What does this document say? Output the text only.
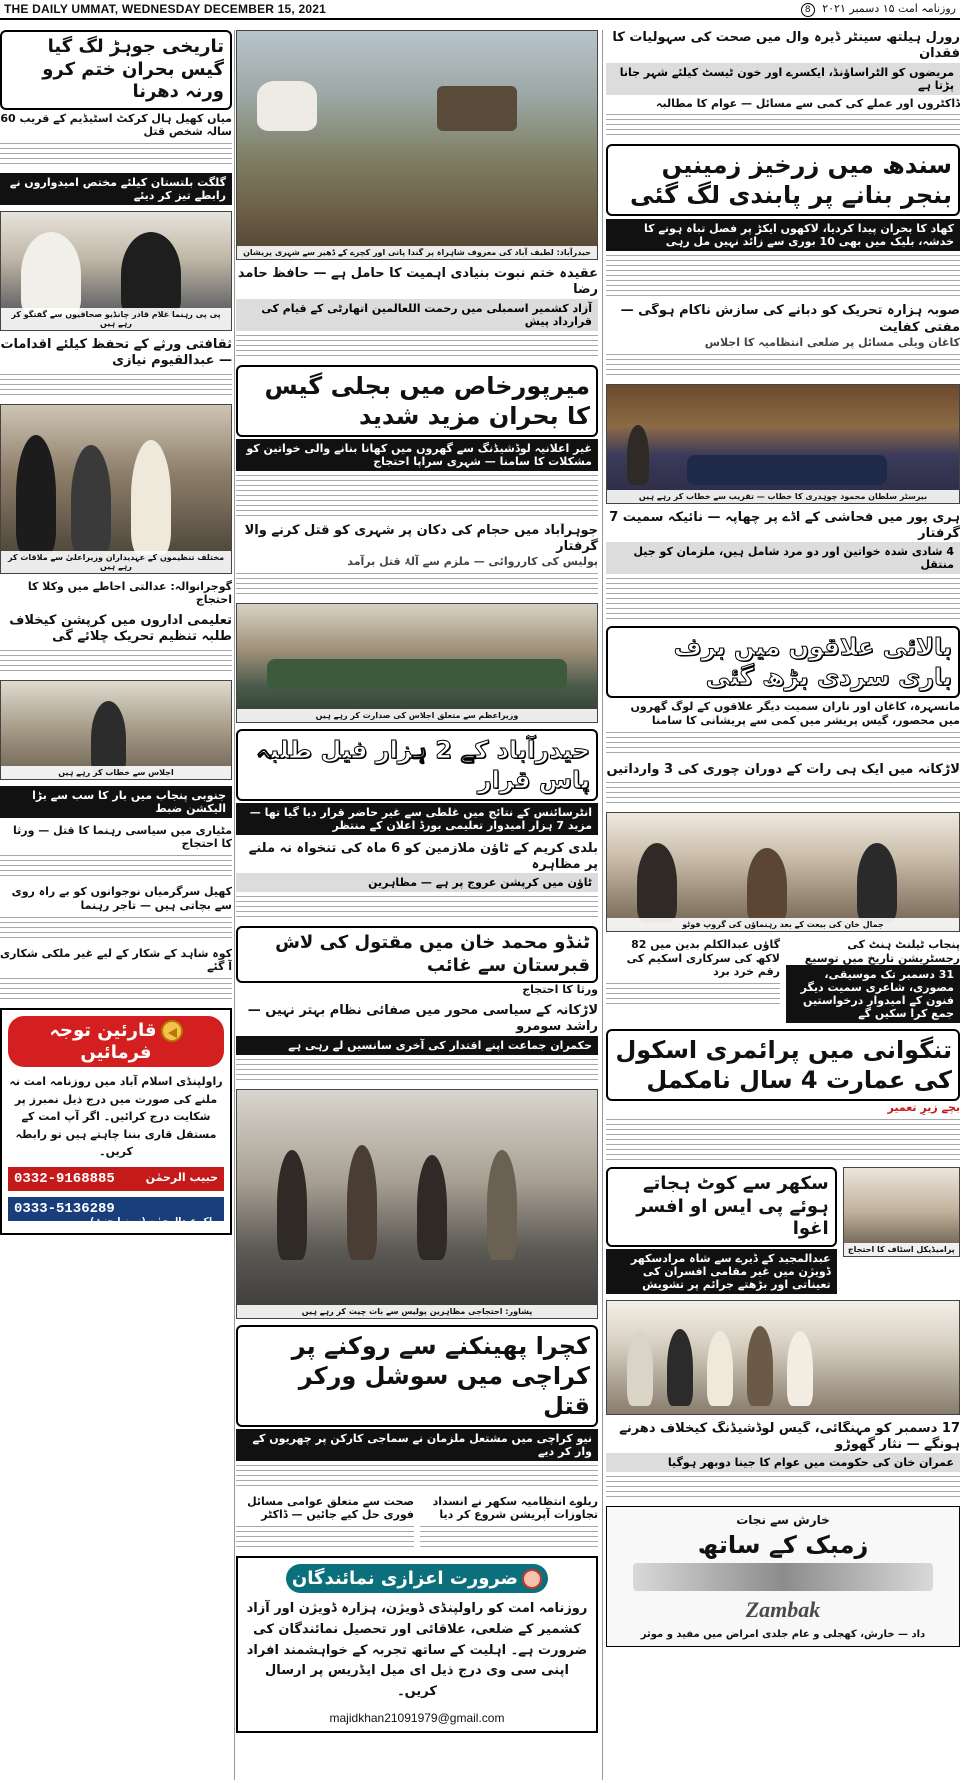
THE DAILY UMMAT, WEDNESDAY DECEMBER 15, 2021	روزنامہ امت ۱۵ دسمبر ۲۰۲۱ 8
رورل ہیلتھ سینٹر ڈیرہ وال میں صحت کی سہولیات کا فقدان
مریضوں کو الٹراساؤنڈ، ایکسرے اور خون ٹیسٹ کیلئے شہر جانا پڑتا ہے
ڈاکٹروں اور عملے کی کمی سے مسائل — عوام کا مطالبہ
سندھ میں زرخیز زمینیں بنجر بنانے پر پابندی لگ گئی
کھاد کا بحران پیدا کردیا، لاکھوں ایکڑ پر فصل تباہ ہونے کا خدشہ، بلیک میں بھی 10 بوری سے زائد نہیں مل رہی
صوبہ ہزارہ تحریک کو دبانے کی سازش ناکام ہوگی — مفتی کفایت
کاغان ویلی مسائل پر ضلعی انتظامیہ کا اجلاس
بیرسٹر سلطان محمود چوہدری کا خطاب — تقریب سے خطاب کر رہے ہیں
ہری پور میں فحاشی کے اڈے پر چھاپہ — نائیکہ سمیت 7 گرفتار
4 شادی شدہ خواتین اور دو مرد شامل ہیں، ملزمان کو جیل منتقل
بالائی علاقوں میں برف باری سردی بڑھ گئی
مانسہرہ، کاغان اور ناران سمیت دیگر علاقوں کے لوگ گھروں میں محصور، گیس پریشر میں کمی سے پریشانی کا سامنا
لاڑکانہ میں ایک ہی رات کے دوران چوری کی 3 وارداتیں
جمال خان کی بیعت کے بعد رہنماؤں کی گروپ فوٹو
گاؤں عبدالکلم بدین میں 82 لاکھ کی سرکاری اسکیم کی رقم خرد برد
پنجاب ٹیلنٹ ہنٹ کی رجسٹریشن تاریخ میں توسیع
31 دسمبر تک موسیقی، مصوری، شاعری سمیت دیگر فنون کے امیدوار درخواستیں جمع کرا سکیں گے
تنگوانی میں پرائمری اسکول کی عمارت 4 سال نامکمل
بچے زیرِ تعمیر
سکھر سے کوٹ ہجاتے ہوئے پی ایس او افسر اغوا
عبدالمجید کے ڈیرے سے شاہ مرادسکھر ڈویژن میں غیر مقامی افسران کی تعیناتی اور بڑھتے جرائم پر تشویش
پرامیڈیکل اسٹاف کا احتجاج
17 دسمبر کو مہنگائی، گیس لوڈشیڈنگ کیخلاف دھرنے ہونگے — نثار گھوڑو
عمران خان کی حکومت میں عوام کا جینا دوبھر ہوگیا
خارش سے نجات
زمبک کے ساتھ
Zambak
داد — خارش، کھجلی و عام جلدی امراض میں مفید و موثر
حیدرآباد: لطیف آباد کی معروف شاہراہ پر گندا پانی اور کچرے کے ڈھیر سے شہری پریشان
عقیدہ ختم نبوت بنیادی اہمیت کا حامل ہے — حافظ حامد رضا
آزاد کشمیر اسمبلی میں رحمت اللعالمین اتھارٹی کے قیام کی قرارداد پیش
میرپورخاص میں بجلی گیس کا بحران مزید شدید
غیر اعلانیہ لوڈشیڈنگ سے گھروں میں کھانا بنانے والی خواتین کو مشکلات کا سامنا — شہری سراپا احتجاج
جوہرآباد میں حجام کی دکان پر شہری کو قتل کرنے والا گرفتار
پولیس کی کارروائی — ملزم سے آلۂ قتل برآمد
وزیراعظم سے متعلق اجلاس کی صدارت کر رہے ہیں
حیدرآباد کے 2 ہزار فیل طلبہ پاس قرار
انٹرسائنس کے نتائج میں غلطی سے غیر حاضر قرار دیا گیا تھا — مزید 7 ہزار امیدوار تعلیمی بورڈ اعلان کے منتظر
بلدی کریم کے ٹاؤن ملازمین کو 6 ماہ کی تنخواہ نہ ملنے پر مظاہرہ
ٹاؤن میں کرپشن عروج پر ہے — مظاہرین
ٹنڈو محمد خان میں مقتول کی لاش قبرستان سے غائب
ورثا کا احتجاج
لاڑکانہ کے سیاسی محور میں صفائی نظام بہتر نہیں — راشد سومرو
حکمران جماعت اپنے اقتدار کی آخری سانسیں لے رہی ہے
پشاور: احتجاجی مظاہرین پولیس سے بات چیت کر رہے ہیں
کچرا پھینکنے سے روکنے پر کراچی میں سوشل ورکر قتل
نیو کراچی میں مشتعل ملزمان نے سماجی کارکن پر چھریوں کے وار کر دیے
صحت سے متعلق عوامی مسائل فوری حل کیے جائیں — ڈاکٹر
ریلوے انتظامیہ سکھر نے انسداد تجاوزات آپریشن شروع کر دیا
ضرورت اعزازی نمائندگان
روزنامہ امت کو راولپنڈی ڈویژن، ہزارہ ڈویژن اور آزاد کشمیر کے ضلعی، علاقائی اور تحصیل نمائندگان کی ضرورت ہے۔ اہلیت کے ساتھ تجربہ کے خواہشمند افراد اپنی سی وی درج ذیل ای میل ایڈریس پر ارسال کریں۔
majidkhan21091979@gmail.com
تاریخی جوہڑ لگ گیا گیس بحران ختم کرو ورنہ دھرنا
میاں کھیل ہال کرکٹ اسٹیڈیم کے قریب 60 سالہ شخص قتل
گلگت بلتستان کیلئے مختص امیدواروں نے رابطے تیز کر دیئے
پی پی رہنما غلام قادر چانڈیو صحافیوں سے گفتگو کر رہے ہیں
ثقافتی ورثے کے تحفظ کیلئے اقدامات — عبدالقیوم نیازی
مختلف تنظیموں کے عہدیداران وزیراعلیٰ سے ملاقات کر رہے ہیں
گوجرانوالہ: عدالتی احاطے میں وکلا کا احتجاج
تعلیمی اداروں میں کرپشن کیخلاف طلبہ تنظیم تحریک چلائے گی
اجلاس سے خطاب کر رہے ہیں
جنوبی پنجاب میں بار کا سب سے بڑا الیکشن ضبط
مٹیاری میں سیاسی رہنما کا قتل — ورثا کا احتجاج
کھیل سرگرمیاں نوجوانوں کو بے راہ روی سے بچاتی ہیں — تاجر رہنما
کوہ شاہد کے شکار کے لیے غیر ملکی شکاری آ گئے
قارئین توجہ فرمائیں
راولپنڈی اسلام آباد میں روزنامہ امت نہ ملنے کی صورت میں درج ذیل نمبرز پر شکایت درج کرائیں۔ اگر آپ امت کے مستقل قاری بننا چاہتے ہیں تو رابطہ کریں۔
0332-9168885	حبیب الرحمٰن
0333-5136289
ملک عبدالرحمٰن (نیوز ایجنٹ)
